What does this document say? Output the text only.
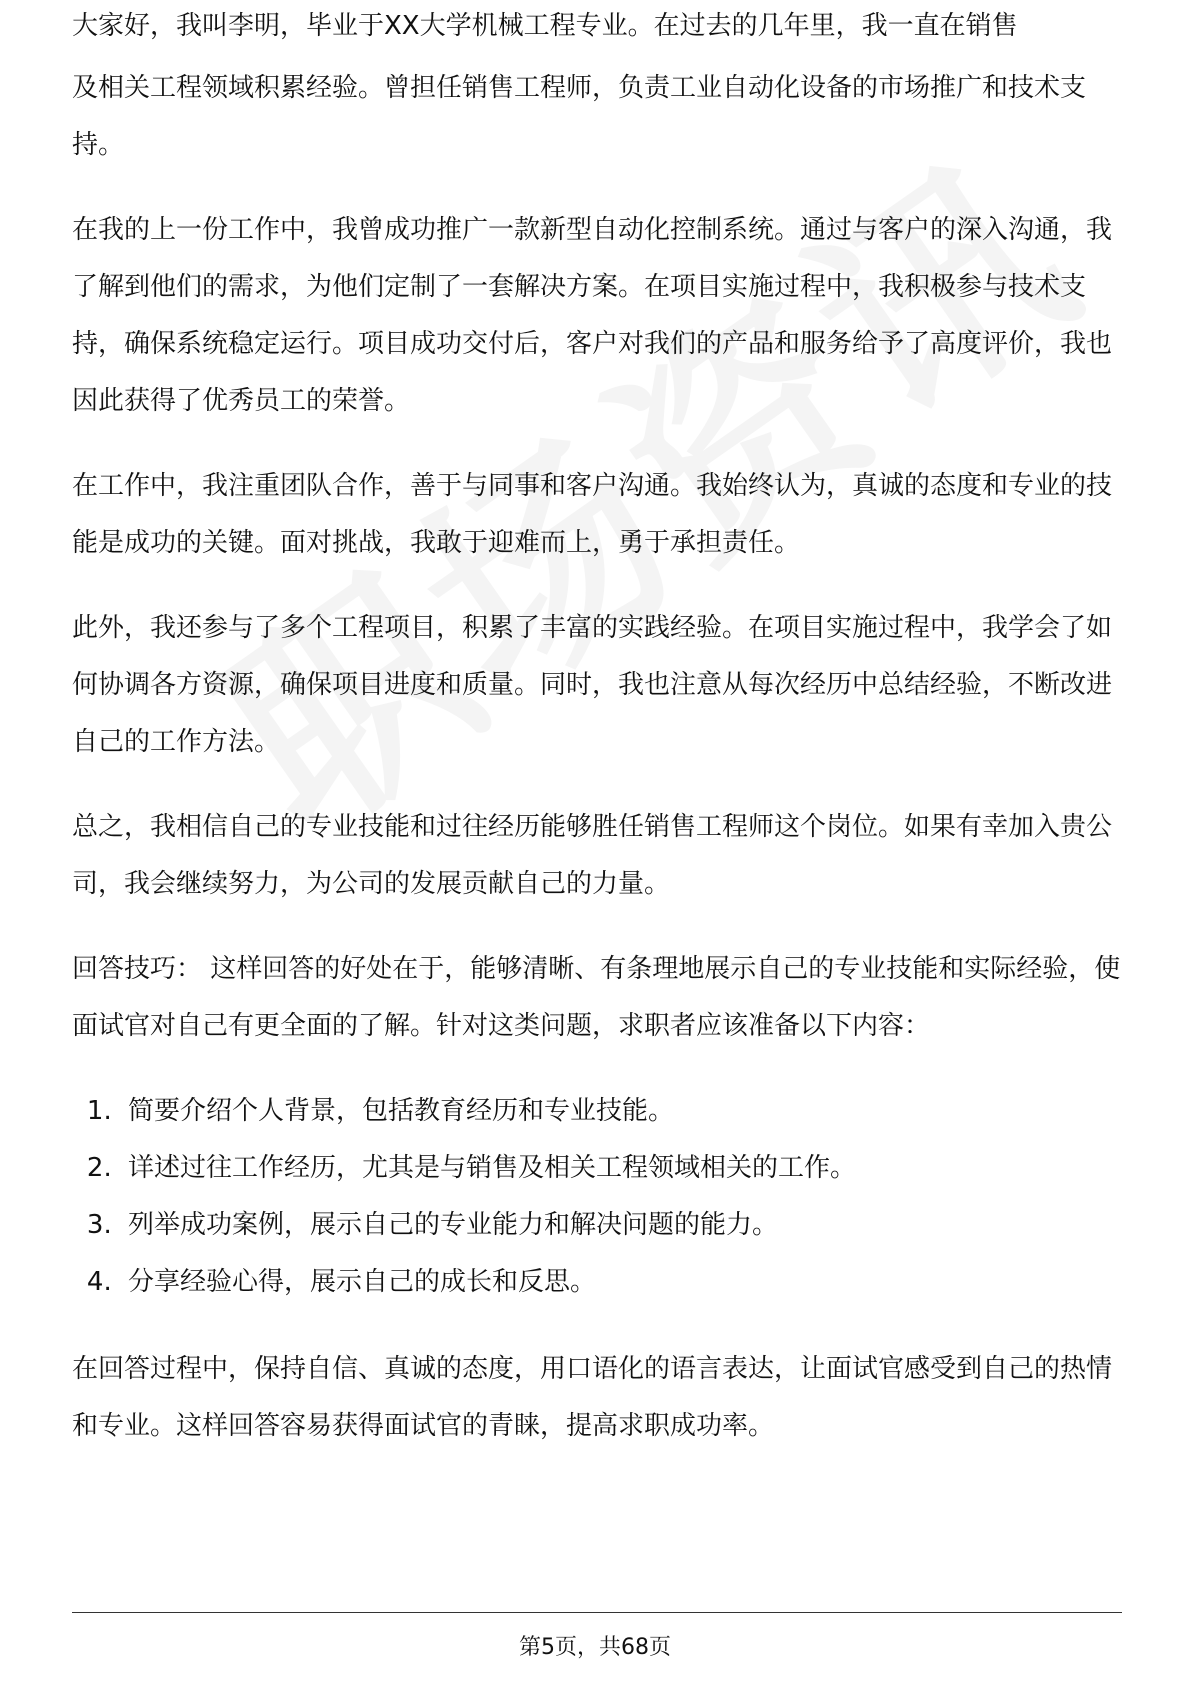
大家好，我叫李明，毕业于XX大学机械工程专业。在过去的几年里，我一直在销售

及相关工程领域积累经验。曾担任销售工程师，负责工业自动化设备的市场推广和技术支持。

在我的上一份工作中，我曾成功推广一款新型自动化控制系统。通过与客户的深入沟通，我了解到他们的需求，为他们定制了一套解决方案。在项目实施过程中，我积极参与技术支持，确保系统稳定运行。项目成功交付后，客户对我们的产品和服务给予了高度评价，我也因此获得了优秀员工的荣誉。

在工作中，我注重团队合作，善于与同事和客户沟通。我始终认为，真诚的态度和专业的技能是成功的关键。面对挑战，我敢于迎难而上，勇于承担责任。

此外，我还参与了多个工程项目，积累了丰富的实践经验。在项目实施过程中，我学会了如何协调各方资源，确保项目进度和质量。同时，我也注意从每次经历中总结经验，不断改进自己的工作方法。

总之，我相信自己的专业技能和过往经历能够胜任销售工程师这个岗位。如果有幸加入贵公司，我会继续努力，为公司的发展贡献自己的力量。

回答技巧： 这样回答的好处在于，能够清晰、有条理地展示自己的专业技能和实际经验，使面试官对自己有更全面的了解。针对这类问题，求职者应该准备以下内容：

1. 简要介绍个人背景，包括教育经历和专业技能。
2. 详述过往工作经历，尤其是与销售及相关工程领域相关的工作。
3. 列举成功案例，展示自己的专业能力和解决问题的能力。
4. 分享经验心得，展示自己的成长和反思。

在回答过程中，保持自信、真诚的态度，用口语化的语言表达，让面试官感受到自己的热情和专业。这样回答容易获得面试官的青睐，提高求职成功率。

第5页，共68页
